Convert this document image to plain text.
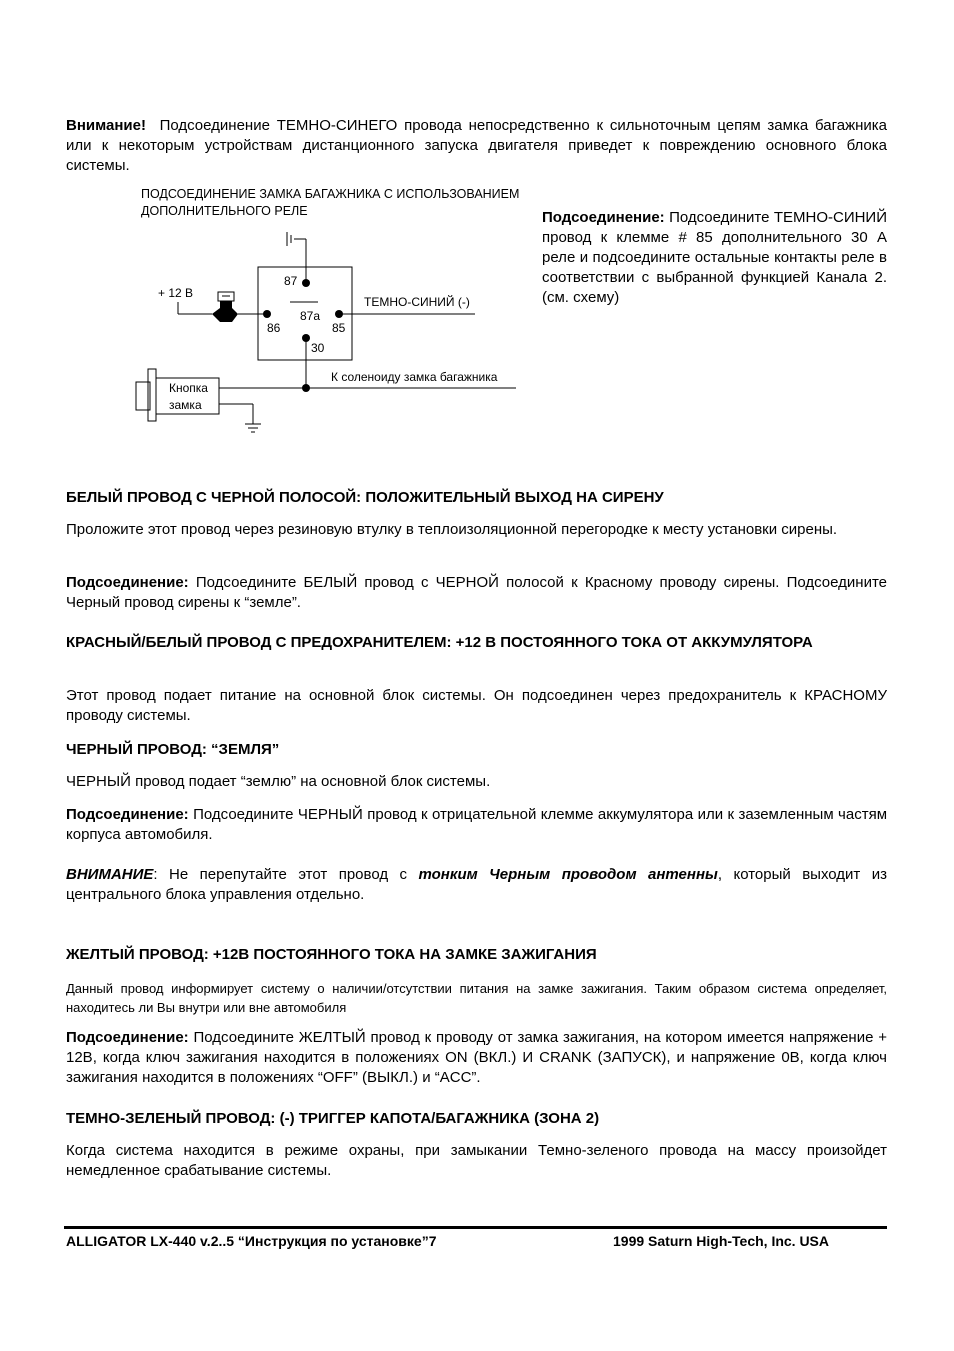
Внимание! Подсоединение ТЕМНО-СИНЕГО провода непосредственно к сильноточным цепям замка багажника или к некоторым устройствам дистанционного запуска двигателя приведет к повреждению основного блока системы.

ПОДСОЕДИНЕНИЕ ЗАМКА БАГАЖНИКА С ИСПОЛЬЗОВАНИЕМ
ДОПОЛНИТЕЛЬНОГО РЕЛЕ
87
87a
86	85
ТЕМНО-СИНИЙ (-)
30
+ 12 В
К соленоиду замка багажника
Кнопка
замка

Подсоединение: Подсоедините ТЕМНО-СИНИЙ провод к клемме # 85 дополнительного 30 А реле и подсоедините остальные контакты реле в соответствии с выбранной функцией Канала 2. (см. схему)

БЕЛЫЙ ПРОВОД С ЧЕРНОЙ ПОЛОСОЙ: ПОЛОЖИТЕЛЬНЫЙ ВЫХОД НА СИРЕНУ

Проложите этот провод через резиновую втулку в теплоизоляционной перегородке к месту установки сирены.

Подсоединение: Подсоедините БЕЛЫЙ провод с ЧЕРНОЙ полосой к Красному проводу сирены. Подсоедините Черный провод сирены к “земле”.

КРАСНЫЙ/БЕЛЫЙ ПРОВОД С ПРЕДОХРАНИТЕЛЕМ: +12 В ПОСТОЯННОГО ТОКА ОТ АККУМУЛЯТОРА

Этот провод подает питание на основной блок системы. Он подсоединен через предохранитель к КРАСНОМУ проводу системы.

ЧЕРНЫЙ ПРОВОД: “ЗЕМЛЯ”

ЧЕРНЫЙ провод подает “землю” на основной блок системы.

Подсоединение: Подсоедините ЧЕРНЫЙ провод к отрицательной клемме аккумулятора или к заземленным частям корпуса автомобиля.

ВНИМАНИЕ: Не перепутайте этот провод с тонким Черным проводом антенны, который выходит из центрального блока управления отдельно.

ЖЕЛТЫЙ ПРОВОД: +12В ПОСТОЯННОГО ТОКА НА ЗАМКЕ ЗАЖИГАНИЯ

Данный провод информирует систему о наличии/отсутствии питания на замке зажигания. Таким образом система определяет, находитесь ли Вы внутри или вне автомобиля

Подсоединение: Подсоедините ЖЕЛТЫЙ провод к проводу от замка зажигания, на котором имеется напряжение + 12В, когда ключ зажигания находится в положениях ON (ВКЛ.) И CRANK (ЗАПУСК), и напряжение 0В, когда ключ зажигания находится в положениях “OFF” (ВЫКЛ.) и “ACC”.

ТЕМНО-ЗЕЛЕНЫЙ ПРОВОД: (-) ТРИГГЕР КАПОТА/БАГАЖНИКА (ЗОНА 2)

Когда система находится в режиме охраны, при замыкании Темно-зеленого провода на массу произойдет немедленное срабатывание системы.

ALLIGATOR LX-440 v.2..5 “Инструкция по установке”7	1999 Saturn High-Tech, Inc. USA
